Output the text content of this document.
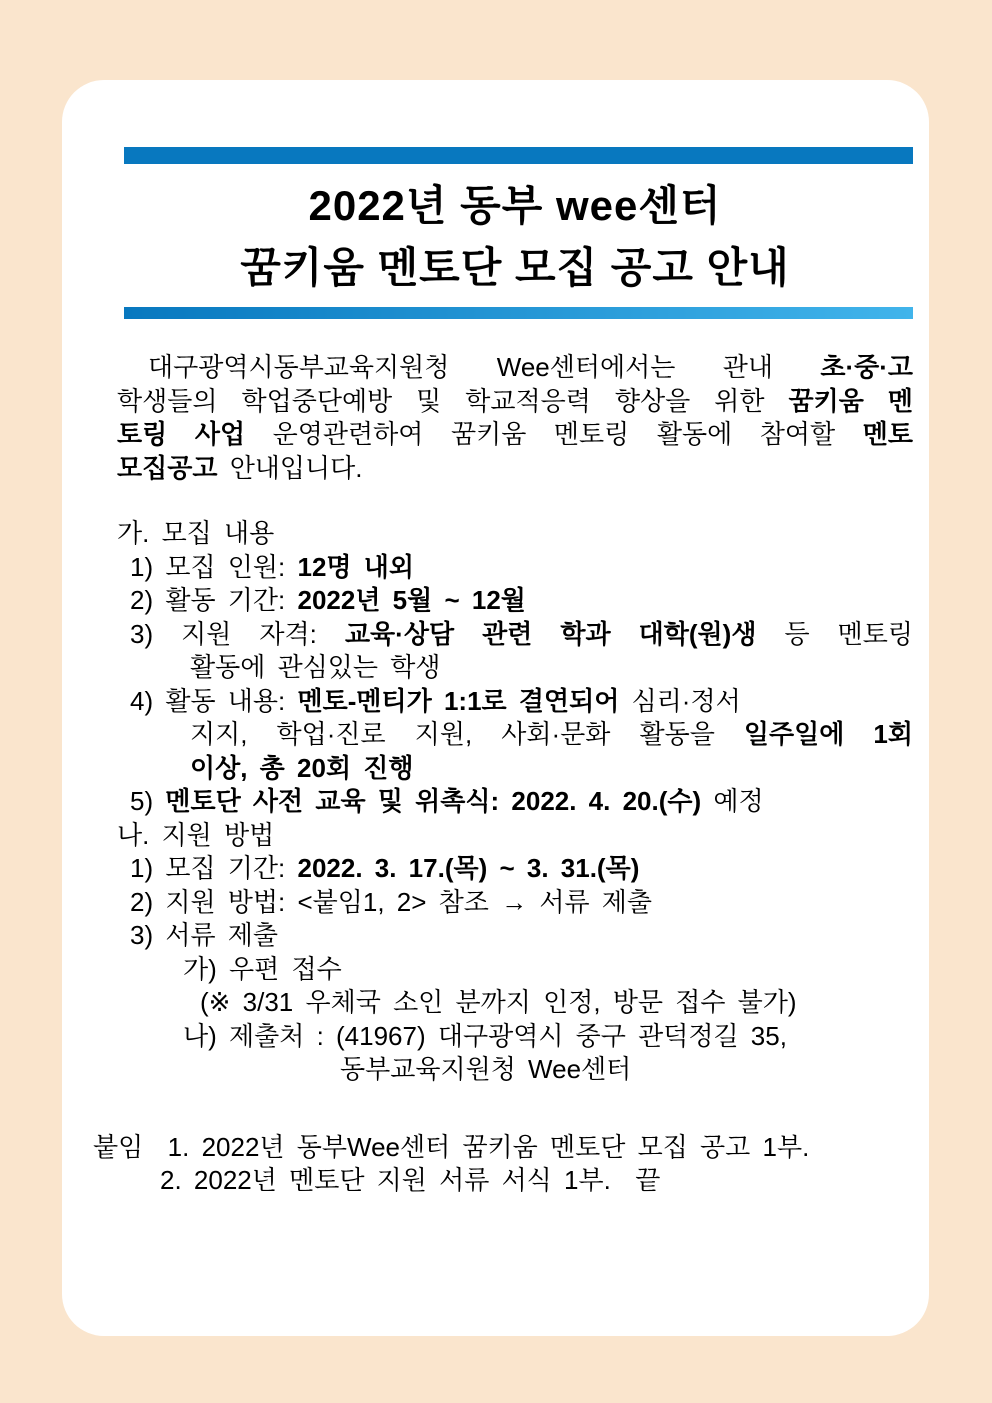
2022년 동부 wee센터
꿈키움 멘토단 모집 공고 안내
대구광역시동부교육지원청 Wee센터에서는 관내 초·중·고
학생들의 학업중단예방 및 학교적응력 향상을 위한 꿈키움 멘
토링 사업 운영관련하여 꿈키움 멘토링 활동에 참여할 멘토
모집공고 안내입니다.
가. 모집 내용
1) 모집 인원: 12명 내외
2) 활동 기간: 2022년 5월 ~ 12월
3) 지원 자격: 교육·상담 관련 학과 대학(원)생 등 멘토링
활동에 관심있는 학생
4) 활동 내용: 멘토-멘티가 1:1로 결연되어 심리·정서
지지, 학업·진로 지원, 사회·문화 활동을 일주일에 1회
이상, 총 20회 진행
5) 멘토단 사전 교육 및 위촉식: 2022. 4. 20.(수) 예정
나. 지원 방법
1) 모집 기간: 2022. 3. 17.(목) ~ 3. 31.(목)
2) 지원 방법: <붙임1, 2> 참조 → 서류 제출
3) 서류 제출
가) 우편 접수
(※ 3/31 우체국 소인 분까지 인정, 방문 접수 불가)
나) 제출처 : (41967) 대구광역시 중구 관덕정길 35,
동부교육지원청 Wee센터
붙임  1. 2022년 동부Wee센터 꿈키움 멘토단 모집 공고 1부.
2. 2022년 멘토단 지원 서류 서식 1부.  끝
